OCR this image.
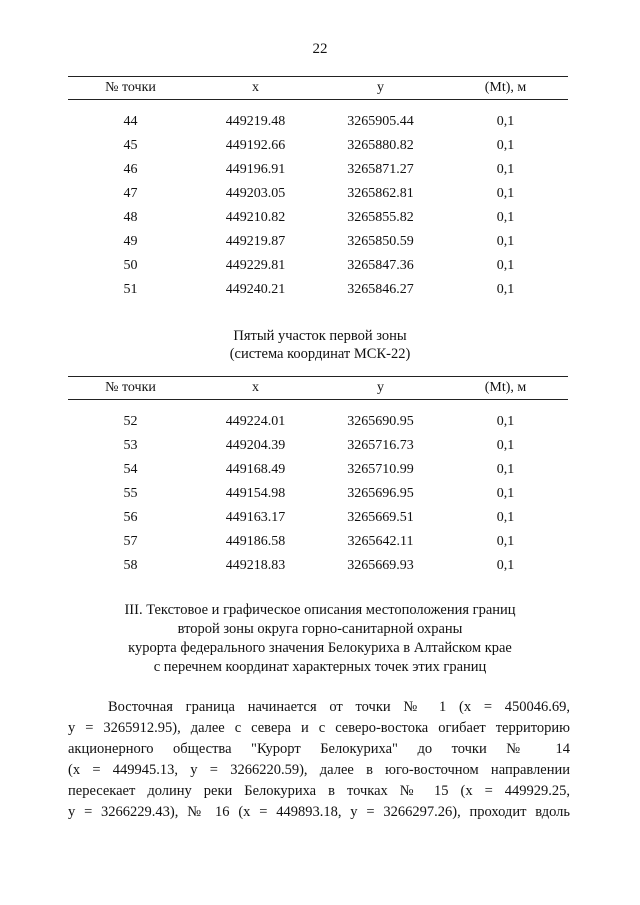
22
№ точки	x	y	(Mt), м

44	449219.48	3265905.44	0,1
45	449192.66	3265880.82	0,1
46	449196.91	3265871.27	0,1
47	449203.05	3265862.81	0,1
48	449210.82	3265855.82	0,1
49	449219.87	3265850.59	0,1
50	449229.81	3265847.36	0,1
51	449240.21	3265846.27	0,1
Пятый участок первой зоны
(система координат МСК-22)
№ точки	x	y	(Mt), м

52	449224.01	3265690.95	0,1
53	449204.39	3265716.73	0,1
54	449168.49	3265710.99	0,1
55	449154.98	3265696.95	0,1
56	449163.17	3265669.51	0,1
57	449186.58	3265642.11	0,1
58	449218.83	3265669.93	0,1
III. Текстовое и графическое описания местоположения границ
второй зоны округа горно-санитарной охраны
курорта федерального значения Белокуриха в Алтайском крае
с перечнем координат характерных точек этих границ
Восточная граница начинается от точки № 1 (x = 450046.69,
y = 3265912.95), далее с севера и с северо-востока огибает территорию
акционерного общества "Курорт Белокуриха" до точки № 14
(x = 449945.13, y = 3266220.59), далее в юго-восточном направлении
пересекает долину реки Белокуриха в точках № 15 (x = 449929.25,
y = 3266229.43), № 16 (x = 449893.18, y = 3266297.26), проходит вдоль
